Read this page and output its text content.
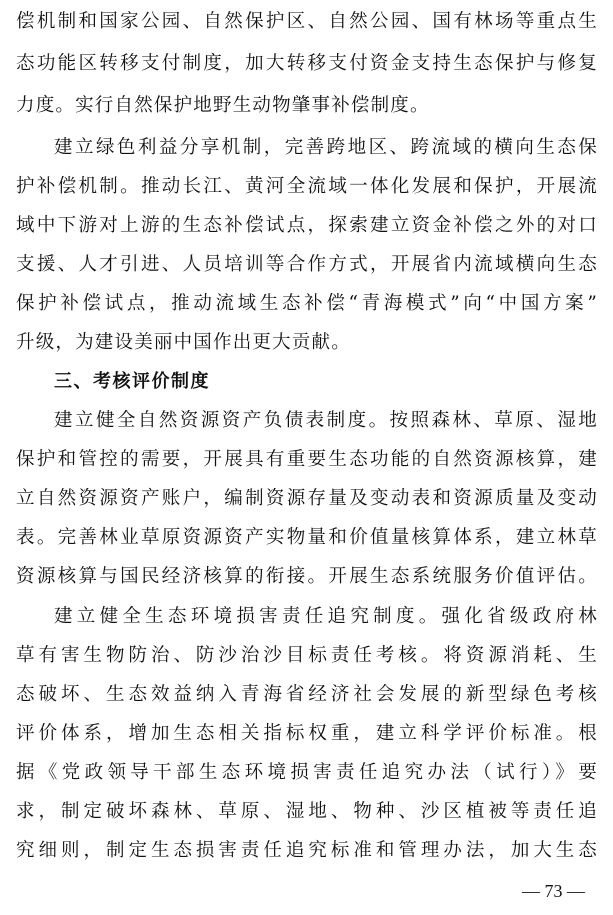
偿机制和国家公园、自然保护区、自然公园、国有林场等重点生
态功能区转移支付制度，加大转移支付资金支持生态保护与修复
力度。实行自然保护地野生动物肇事补偿制度。
建立绿色利益分享机制，完善跨地区、跨流域的横向生态保
护补偿机制。推动长江、黄河全流域一体化发展和保护，开展流
域中下游对上游的生态补偿试点，探索建立资金补偿之外的对口
支援、人才引进、人员培训等合作方式，开展省内流域横向生态
保护补偿试点，推动流域生态补偿“青海模式”向“中国方案”
升级，为建设美丽中国作出更大贡献。
三、考核评价制度
建立健全自然资源资产负债表制度。按照森林、草原、湿地
保护和管控的需要，开展具有重要生态功能的自然资源核算，建
立自然资源资产账户，编制资源存量及变动表和资源质量及变动
表。完善林业草原资源资产实物量和价值量核算体系，建立林草
资源核算与国民经济核算的衔接。开展生态系统服务价值评估。
建立健全生态环境损害责任追究制度。强化省级政府林
草有害生物防治、防沙治沙目标责任考核。将资源消耗、生
态破坏、生态效益纳入青海省经济社会发展的新型绿色考核
评价体系，增加生态相关指标权重，建立科学评价标准。根
据《党政领导干部生态环境损害责任追究办法（试行）》要
求，制定破坏森林、草原、湿地、物种、沙区植被等责任追
究细则，制定生态损害责任追究标准和管理办法，加大生态
— 73 —
